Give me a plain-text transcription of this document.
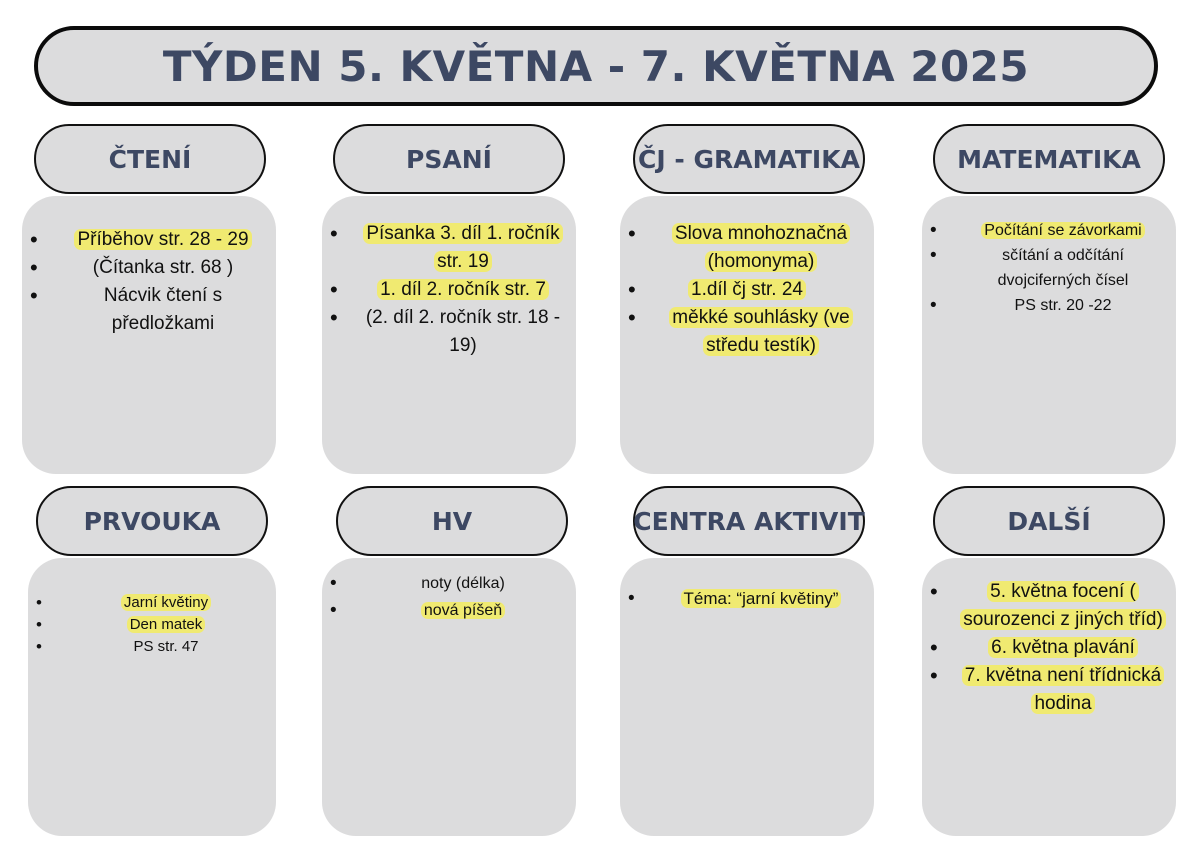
TÝDEN 5. KVĚTNA - 7. KVĚTNA 2025
ČTENÍ	PSANÍ	ČJ - GRAMATIKA	MATEMATIKA
• Příběhov str. 28 - 29
• (Čítanka str. 68 )
• Nácvik čtení s předložkami
• Písanka 3. díl 1. ročník str. 19
• 1. díl 2. ročník str. 7
• (2. díl 2. ročník str. 18 - 19)
• Slova mnohoznačná (homonyma)
• 1.díl čj str. 24
• měkké souhlásky (ve středu testík)
• Počítání se závorkami
• sčítání a odčítání dvojciferných čísel
• PS str. 20 -22
PRVOUKA	HV	CENTRA AKTIVIT	DALŠÍ
• Jarní květiny
• Den matek
• PS str. 47
• noty (délka)
• nová píšeň
• Téma: “jarní květiny”
•	5. května focení ( sourozenci z jiných tříd)
• 6. května plavání
• 7. května není třídnická hodina
